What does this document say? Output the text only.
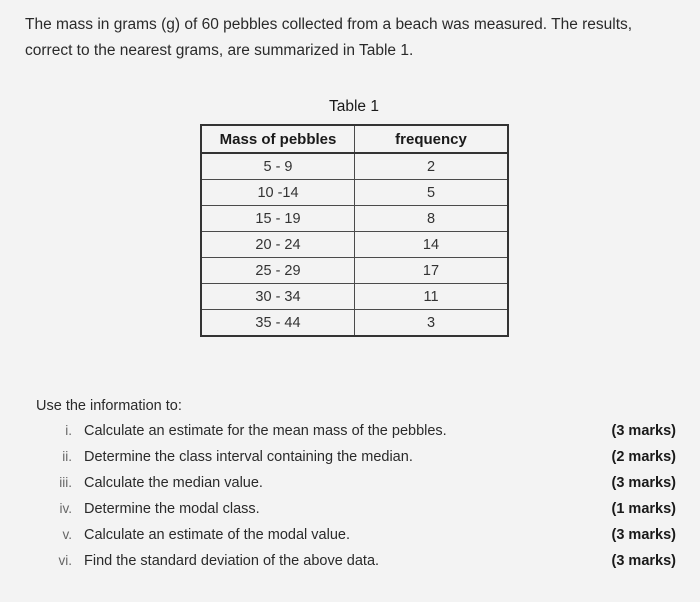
The mass in grams (g) of 60 pebbles collected from a beach was measured. The results,
correct to the nearest grams, are summarized in Table 1.
Table 1
Mass of pebbles	frequency
5 - 9	2
10 -14	5
15 - 19	8
20 - 24	14
25 - 29	17
30 - 34	11
35 - 44	3
Use the information to:
i. Calculate an estimate for the mean mass of the pebbles.	(3 marks)
ii. Determine the class interval containing the median.	(2 marks)
iii. Calculate the median value.	(3 marks)
iv. Determine the modal class.	(1 marks)
v. Calculate an estimate of the modal value.	(3 marks)
vi. Find the standard deviation of the above data.	(3 marks)
